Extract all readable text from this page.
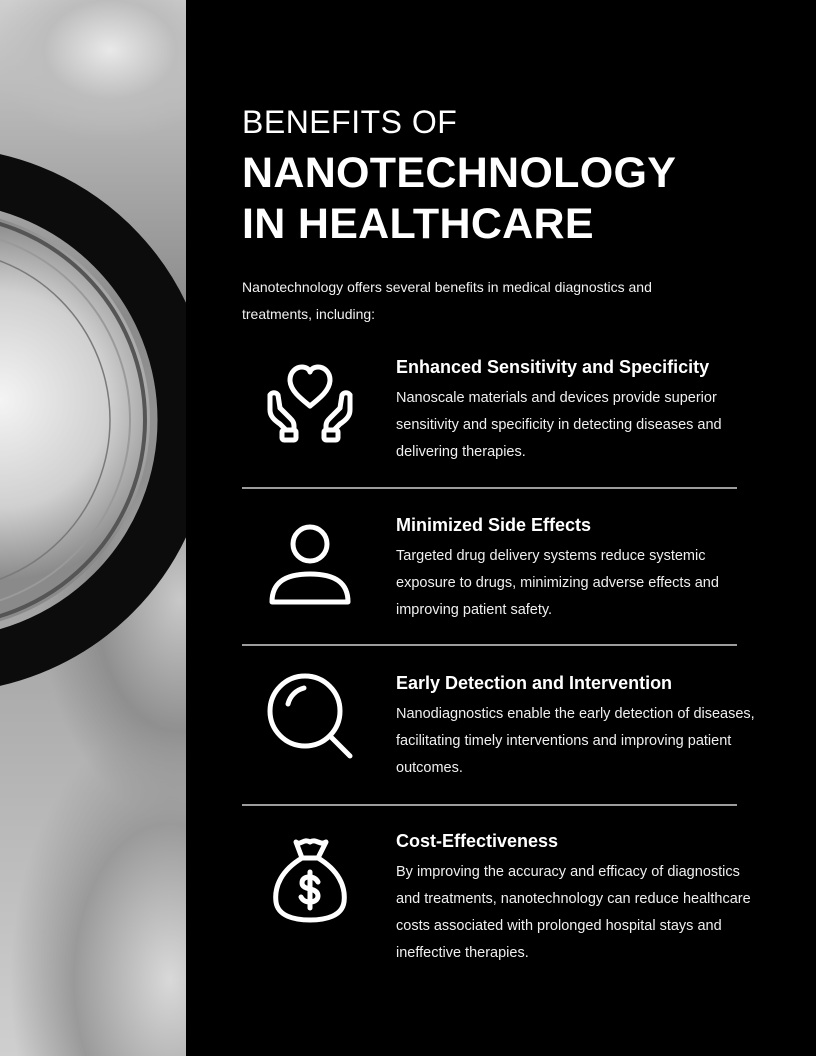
BENEFITS OF
NANOTECHNOLOGY
IN HEALTHCARE
Nanotechnology offers several benefits in medical diagnostics and treatments, including:
Enhanced Sensitivity and Specificity
Nanoscale materials and devices provide superior sensitivity and specificity in detecting diseases and delivering therapies.
Minimized Side Effects
Targeted drug delivery systems reduce systemic exposure to drugs, minimizing adverse effects and improving patient safety.
Early Detection and Intervention
Nanodiagnostics enable the early detection of diseases, facilitating timely interventions and improving patient outcomes.
Cost-Effectiveness
By improving the accuracy and efficacy of diagnostics and treatments, nanotechnology can reduce healthcare costs associated with prolonged hospital stays and ineffective therapies.
